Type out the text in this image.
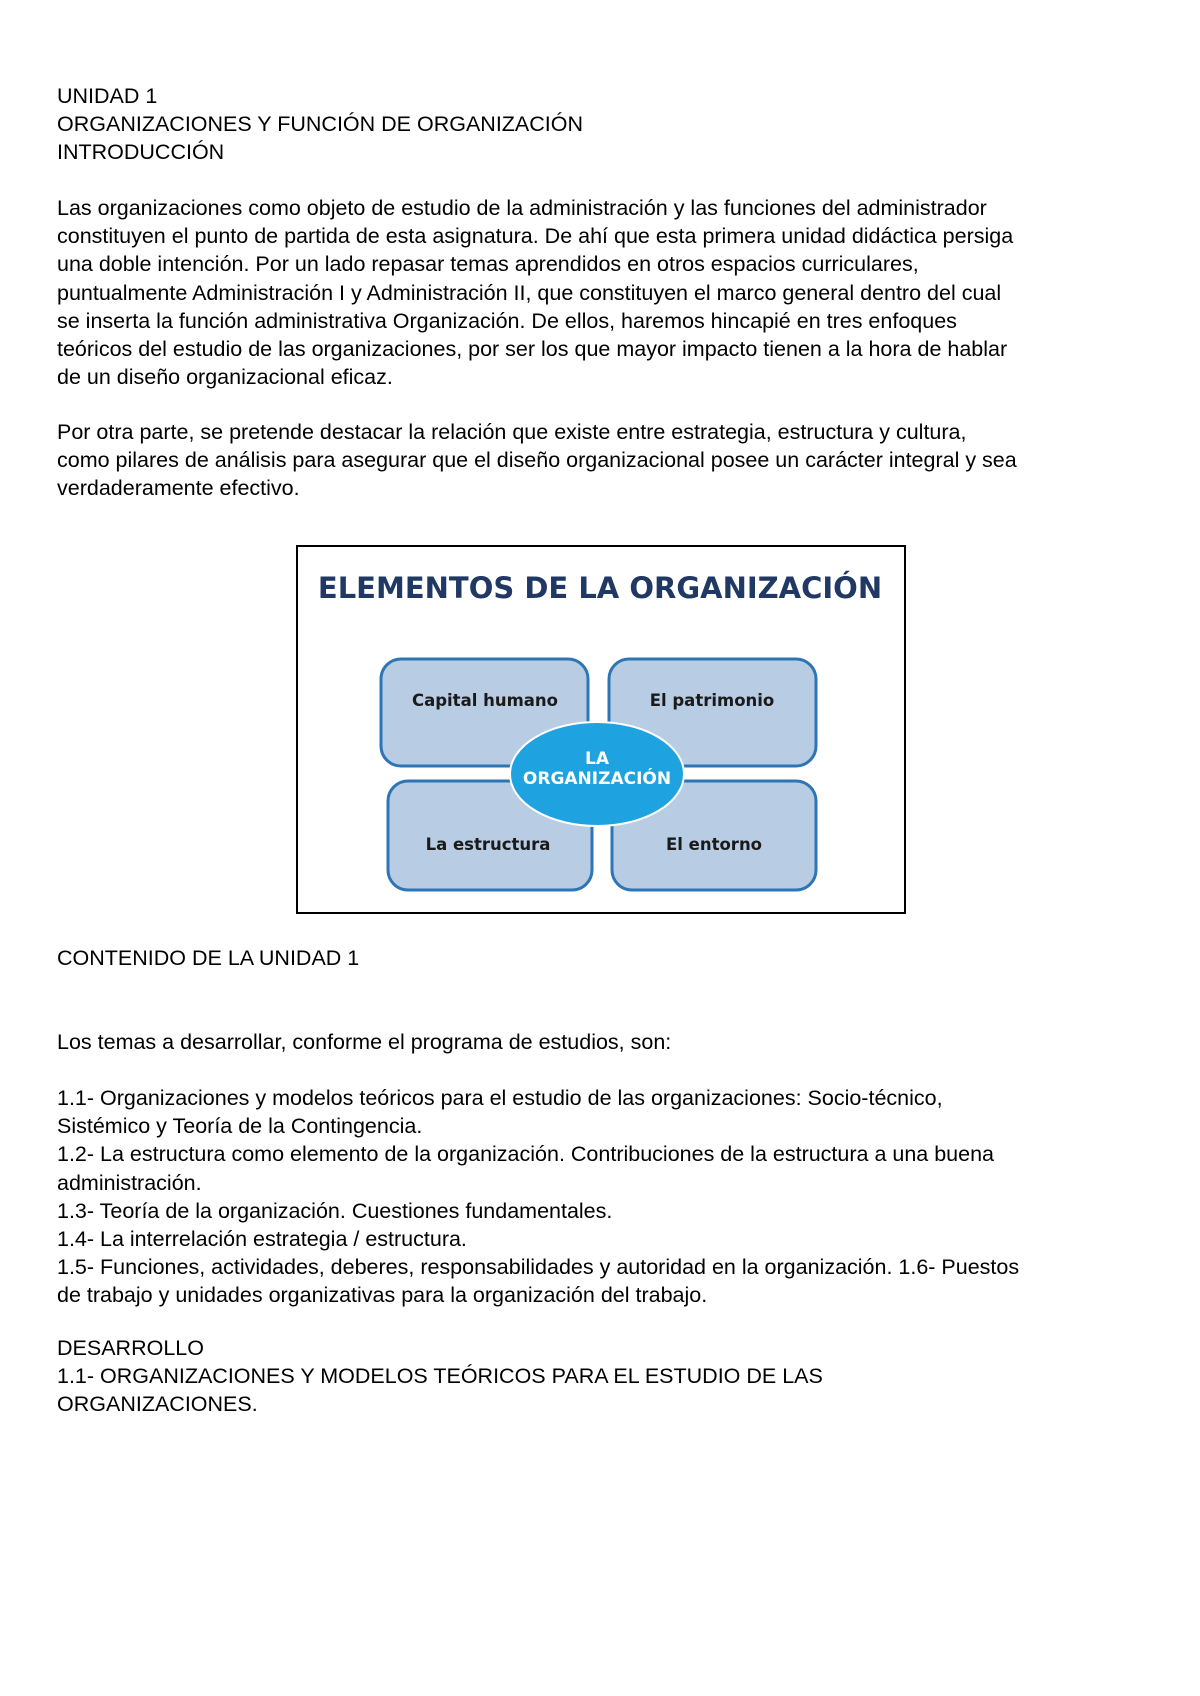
UNIDAD 1
ORGANIZACIONES Y FUNCIÓN DE ORGANIZACIÓN
INTRODUCCIÓN
Las organizaciones como objeto de estudio de la administración y las funciones del administrador
constituyen el punto de partida de esta asignatura. De ahí que esta primera unidad didáctica persiga
una doble intención. Por un lado repasar temas aprendidos en otros espacios curriculares,
puntualmente Administración I y Administración II, que constituyen el marco general dentro del cual
se inserta la función administrativa Organización. De ellos, haremos hincapié en tres enfoques
teóricos del estudio de las organizaciones, por ser los que mayor impacto tienen a la hora de hablar
de un diseño organizacional eficaz.
Por otra parte, se pretende destacar la relación que existe entre estrategia, estructura y cultura,
como pilares de análisis para asegurar que el diseño organizacional posee un carácter integral y sea
verdaderamente efectivo.
ELEMENTOS DE LA ORGANIZACIÓN
Capital humano	El patrimonio
La estructura	El entorno
LA
ORGANIZACIÓN
CONTENIDO DE LA UNIDAD 1
Los temas a desarrollar, conforme el programa de estudios, son:
1.1- Organizaciones y modelos teóricos para el estudio de las organizaciones: Socio-técnico,
Sistémico y Teoría de la Contingencia.
1.2- La estructura como elemento de la organización. Contribuciones de la estructura a una buena
administración.
1.3- Teoría de la organización. Cuestiones fundamentales.
1.4- La interrelación estrategia / estructura.
1.5- Funciones, actividades, deberes, responsabilidades y autoridad en la organización. 1.6- Puestos
de trabajo y unidades organizativas para la organización del trabajo.
DESARROLLO
1.1- ORGANIZACIONES Y MODELOS TEÓRICOS PARA EL ESTUDIO DE LAS
ORGANIZACIONES.
